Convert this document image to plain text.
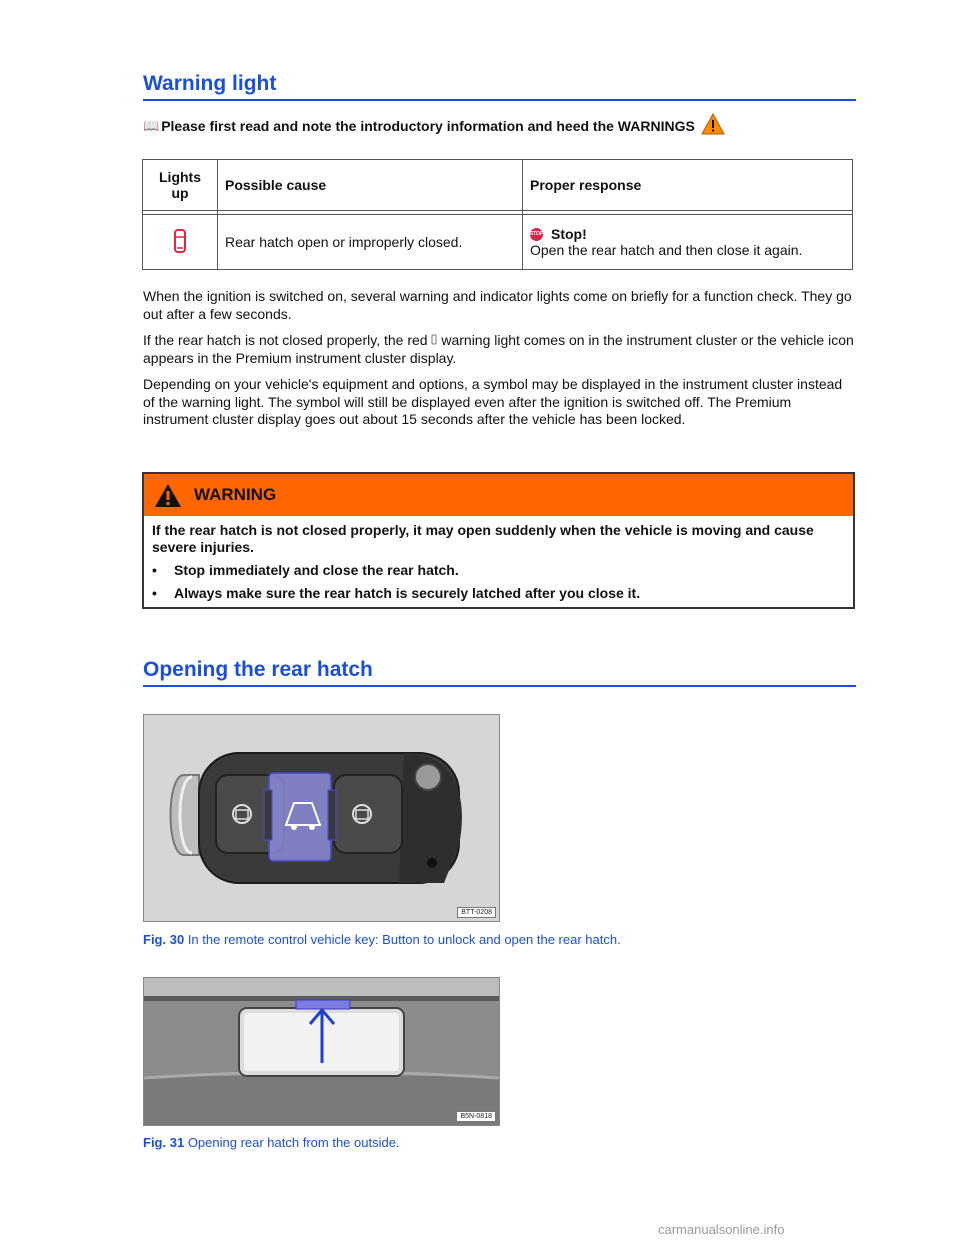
Warning light
📖 Please first read and note the introductory information and heed the WARNINGS
Lights up	Possible cause	Proper response

	Rear hatch open or improperly closed.	STOP Stop!
Open the rear hatch and then close it again.
When the ignition is switched on, several warning and indicator lights come on briefly for a function check. They go out after a few seconds.
If the rear hatch is not closed properly, the red warning light comes on in the instrument cluster or the vehicle icon appears in the Premium instrument cluster display.
Depending on your vehicle's equipment and options, a symbol may be displayed in the instrument cluster instead of the warning light. The symbol will still be displayed even after the ignition is switched off. The Premium instrument cluster display goes out about 15 seconds after the vehicle has been locked.
WARNING
If the rear hatch is not closed properly, it may open suddenly when the vehicle is moving and cause severe injuries.
•	Stop immediately and close the rear hatch.
•	Always make sure the rear hatch is securely latched after you close it.
Opening the rear hatch
BTT-0208
Fig. 30 In the remote control vehicle key: Button to unlock and open the rear hatch.
B5N-0818
Fig. 31 Opening rear hatch from the outside.
carmanualsonline.info
